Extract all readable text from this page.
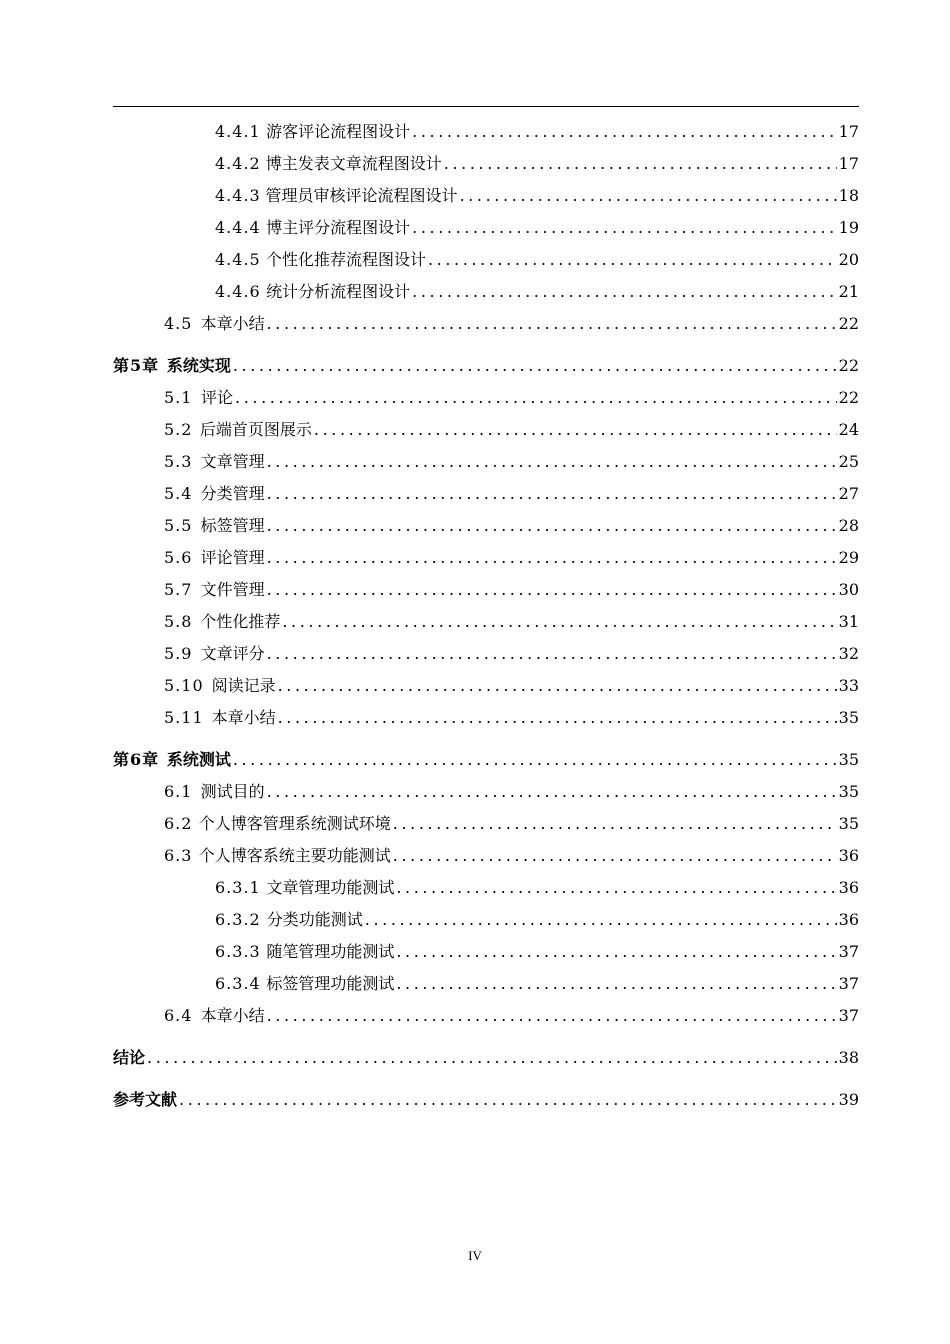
4.4.1 游客评论流程图设计 .....	17
4.4.2 博主发表文章流程图设计 .....	17
4.4.3 管理员审核评论流程图设计 .....	18
4.4.4 博主评分流程图设计 .....	19
4.4.5 个性化推荐流程图设计 .....	20
4.4.6 统计分析流程图设计 .....	21
4.5 本章小结 .....	22
第5章 系统实现 .....	22
5.1 评论 .....	22
5.2 后端首页图展示 .....	24
5.3 文章管理 .....	25
5.4 分类管理 .....	27
5.5 标签管理 .....	28
5.6 评论管理 .....	29
5.7 文件管理 .....	30
5.8 个性化推荐 .....	31
5.9 文章评分 .....	32
5.10 阅读记录 .....	33
5.11 本章小结 .....	35
第6章 系统测试 .....	35
6.1 测试目的 .....	35
6.2 个人博客管理系统测试环境 .....	35
6.3 个人博客系统主要功能测试 .....	36
6.3.1 文章管理功能测试 .....	36
6.3.2 分类功能测试 .....	36
6.3.3 随笔管理功能测试 .....	37
6.3.4 标签管理功能测试 .....	37
6.4 本章小结 .....	37
结论 .....	38
参考文献 .....	39
IV
